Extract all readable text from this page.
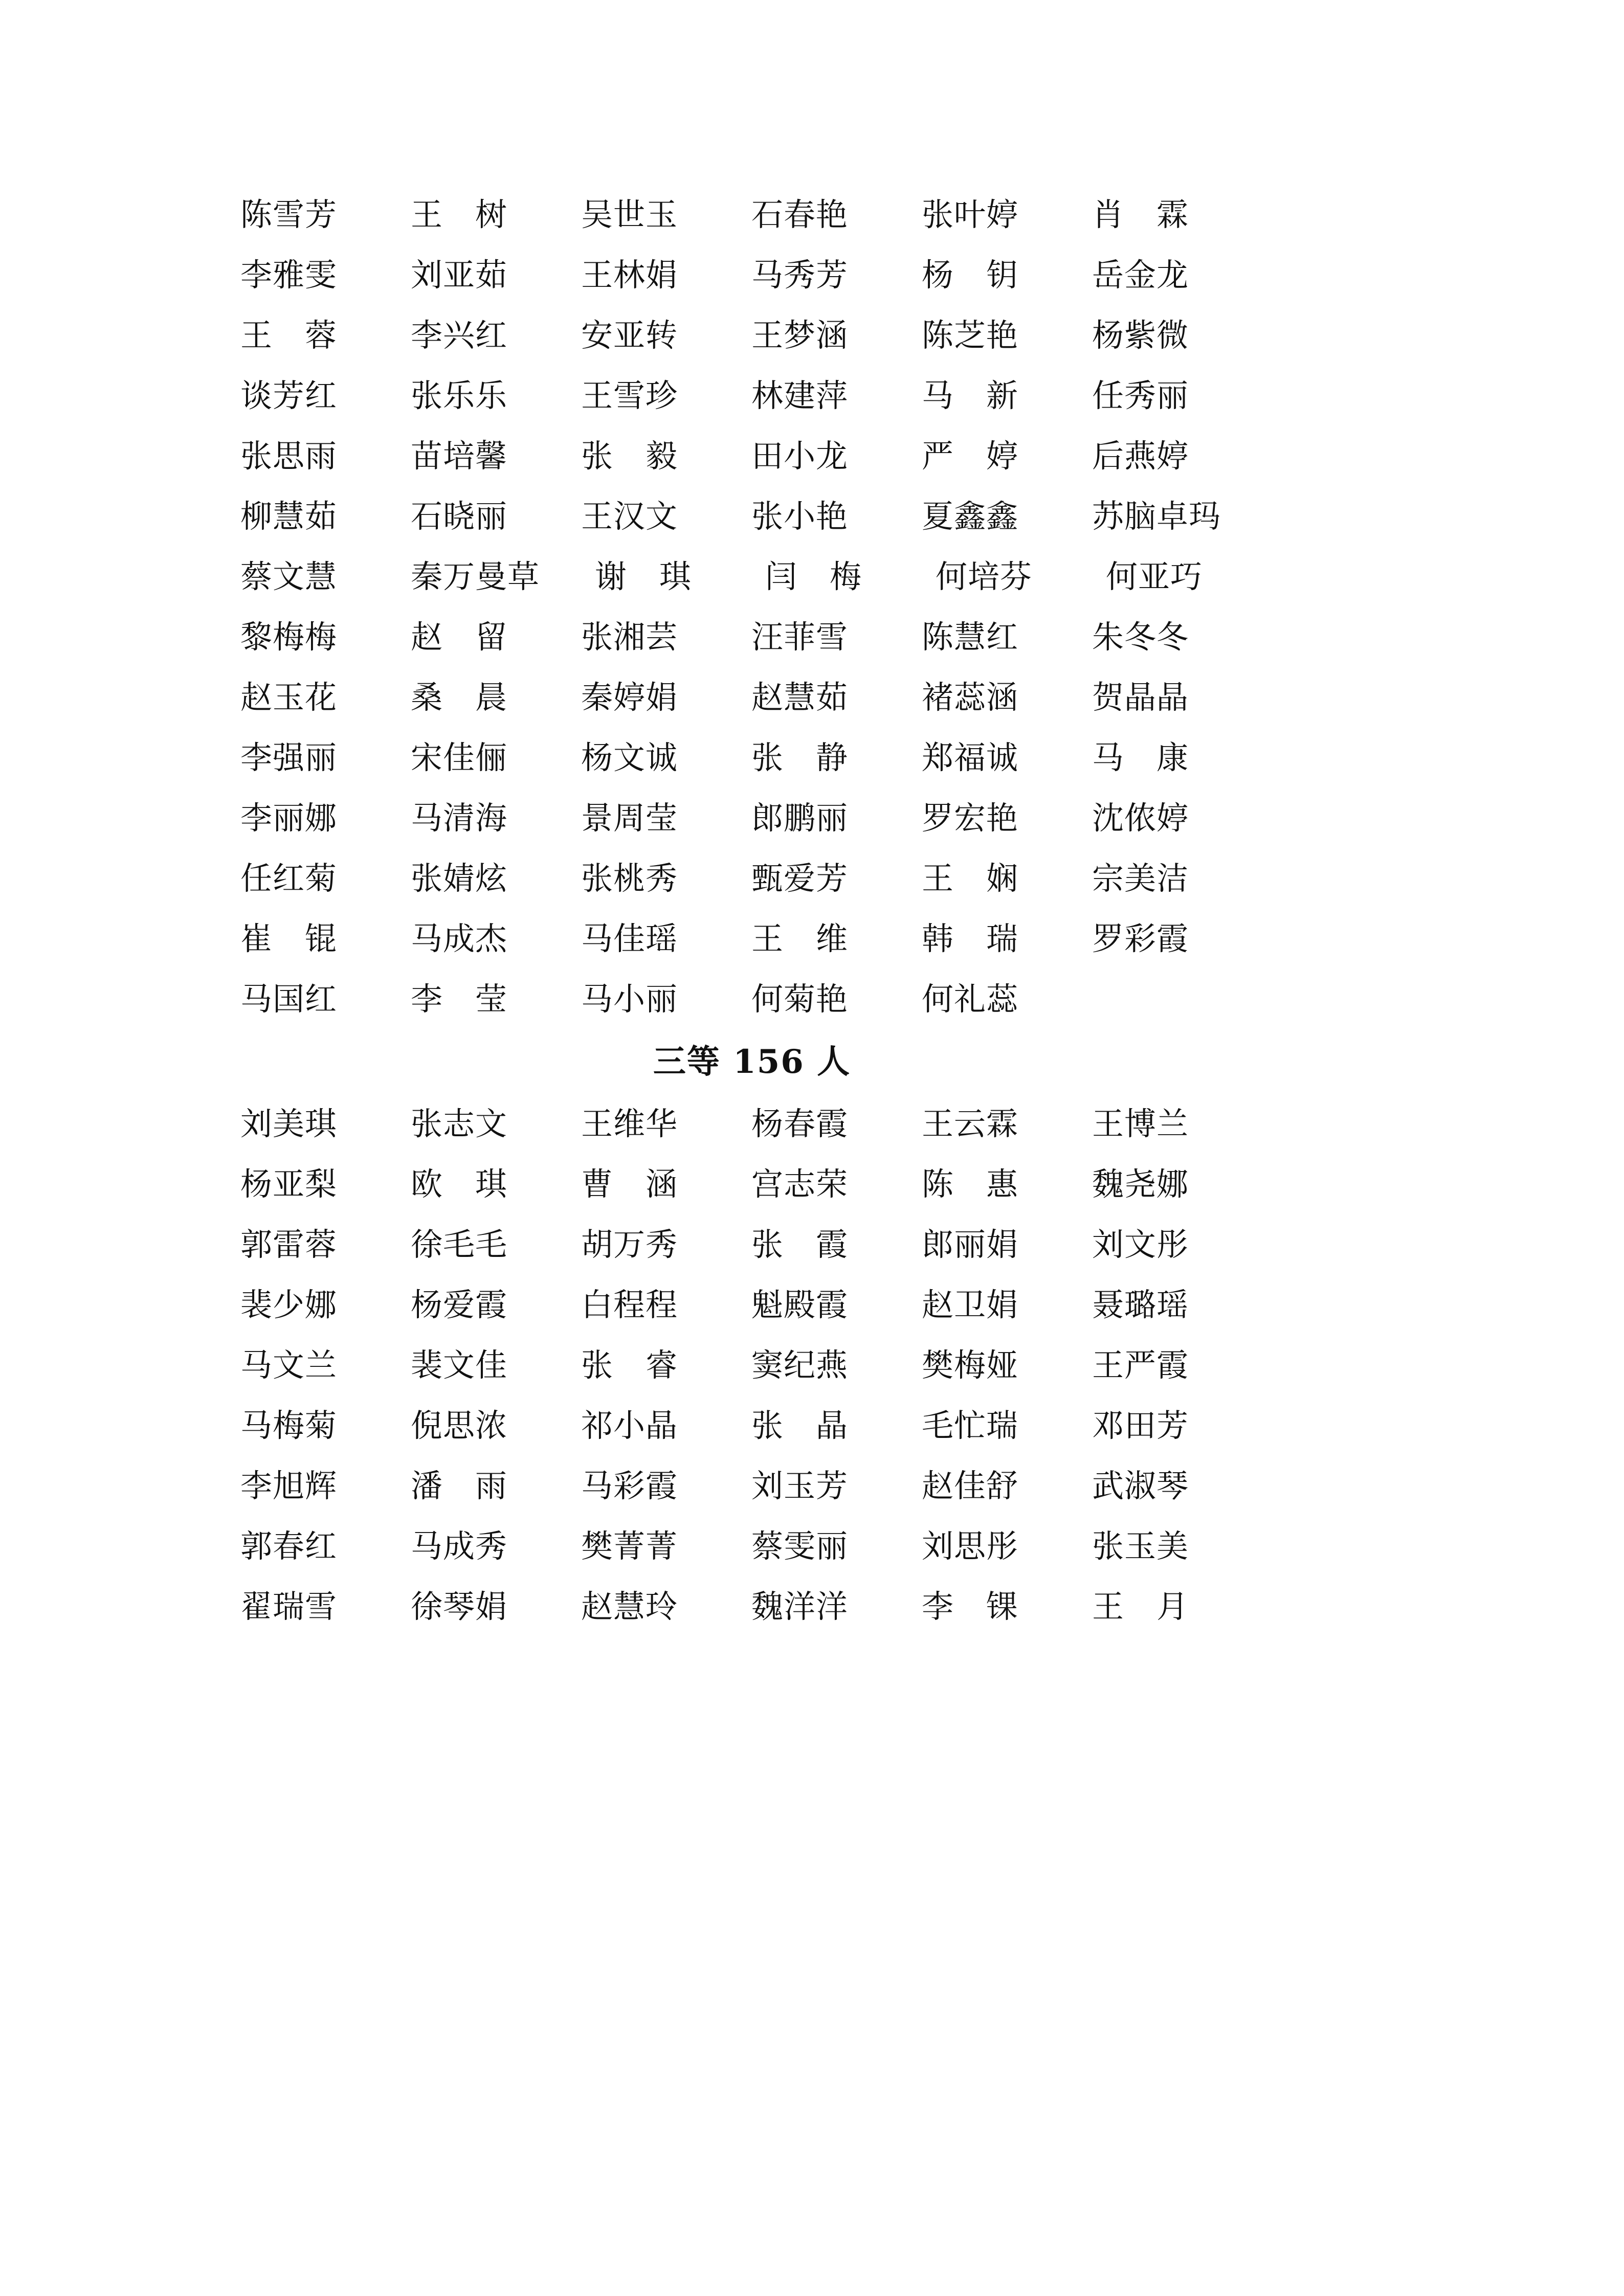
陈雪芳	王　树	吴世玉	石春艳	张叶婷	肖　霖
李雅雯	刘亚茹	王林娟	马秀芳	杨　钥	岳金龙
王　蓉	李兴红	安亚转	王梦涵	陈芝艳	杨紫微
谈芳红	张乐乐	王雪珍	林建萍	马　新	任秀丽
张思雨	苗培馨	张　毅	田小龙	严　婷	后燕婷
柳慧茹	石晓丽	王汉文	张小艳	夏鑫鑫	苏脑卓玛
蔡文慧	秦万曼草	谢　琪	闫　梅	何培芬	何亚巧
黎梅梅	赵　留	张湘芸	汪菲雪	陈慧红	朱冬冬
赵玉花	桑　晨	秦婷娟	赵慧茹	褚蕊涵	贺晶晶
李强丽	宋佳俪	杨文诚	张　静	郑福诚	马　康
李丽娜	马清海	景周莹	郎鹏丽	罗宏艳	沈侬婷
任红菊	张婧炫	张桃秀	甄爱芳	王　娴	宗美洁
崔　锟	马成杰	马佳瑶	王　维	韩　瑞	罗彩霞
马国红	李　莹	马小丽	何菊艳	何礼蕊
三等 156 人
刘美琪	张志文	王维华	杨春霞	王云霖	王博兰
杨亚梨	欧　琪	曹　涵	宫志荣	陈　惠	魏尧娜
郭雷蓉	徐毛毛	胡万秀	张　霞	郎丽娟	刘文彤
裴少娜	杨爱霞	白程程	魁殿霞	赵卫娟	聂璐瑶
马文兰	裴文佳	张　睿	窦纪燕	樊梅娅	王严霞
马梅菊	倪思浓	祁小晶	张　晶	毛忙瑞	邓田芳
李旭辉	潘　雨	马彩霞	刘玉芳	赵佳舒	武淑琴
郭春红	马成秀	樊菁菁	蔡雯丽	刘思彤	张玉美
翟瑞雪	徐琴娟	赵慧玲	魏洋洋	李　锞	王　月
